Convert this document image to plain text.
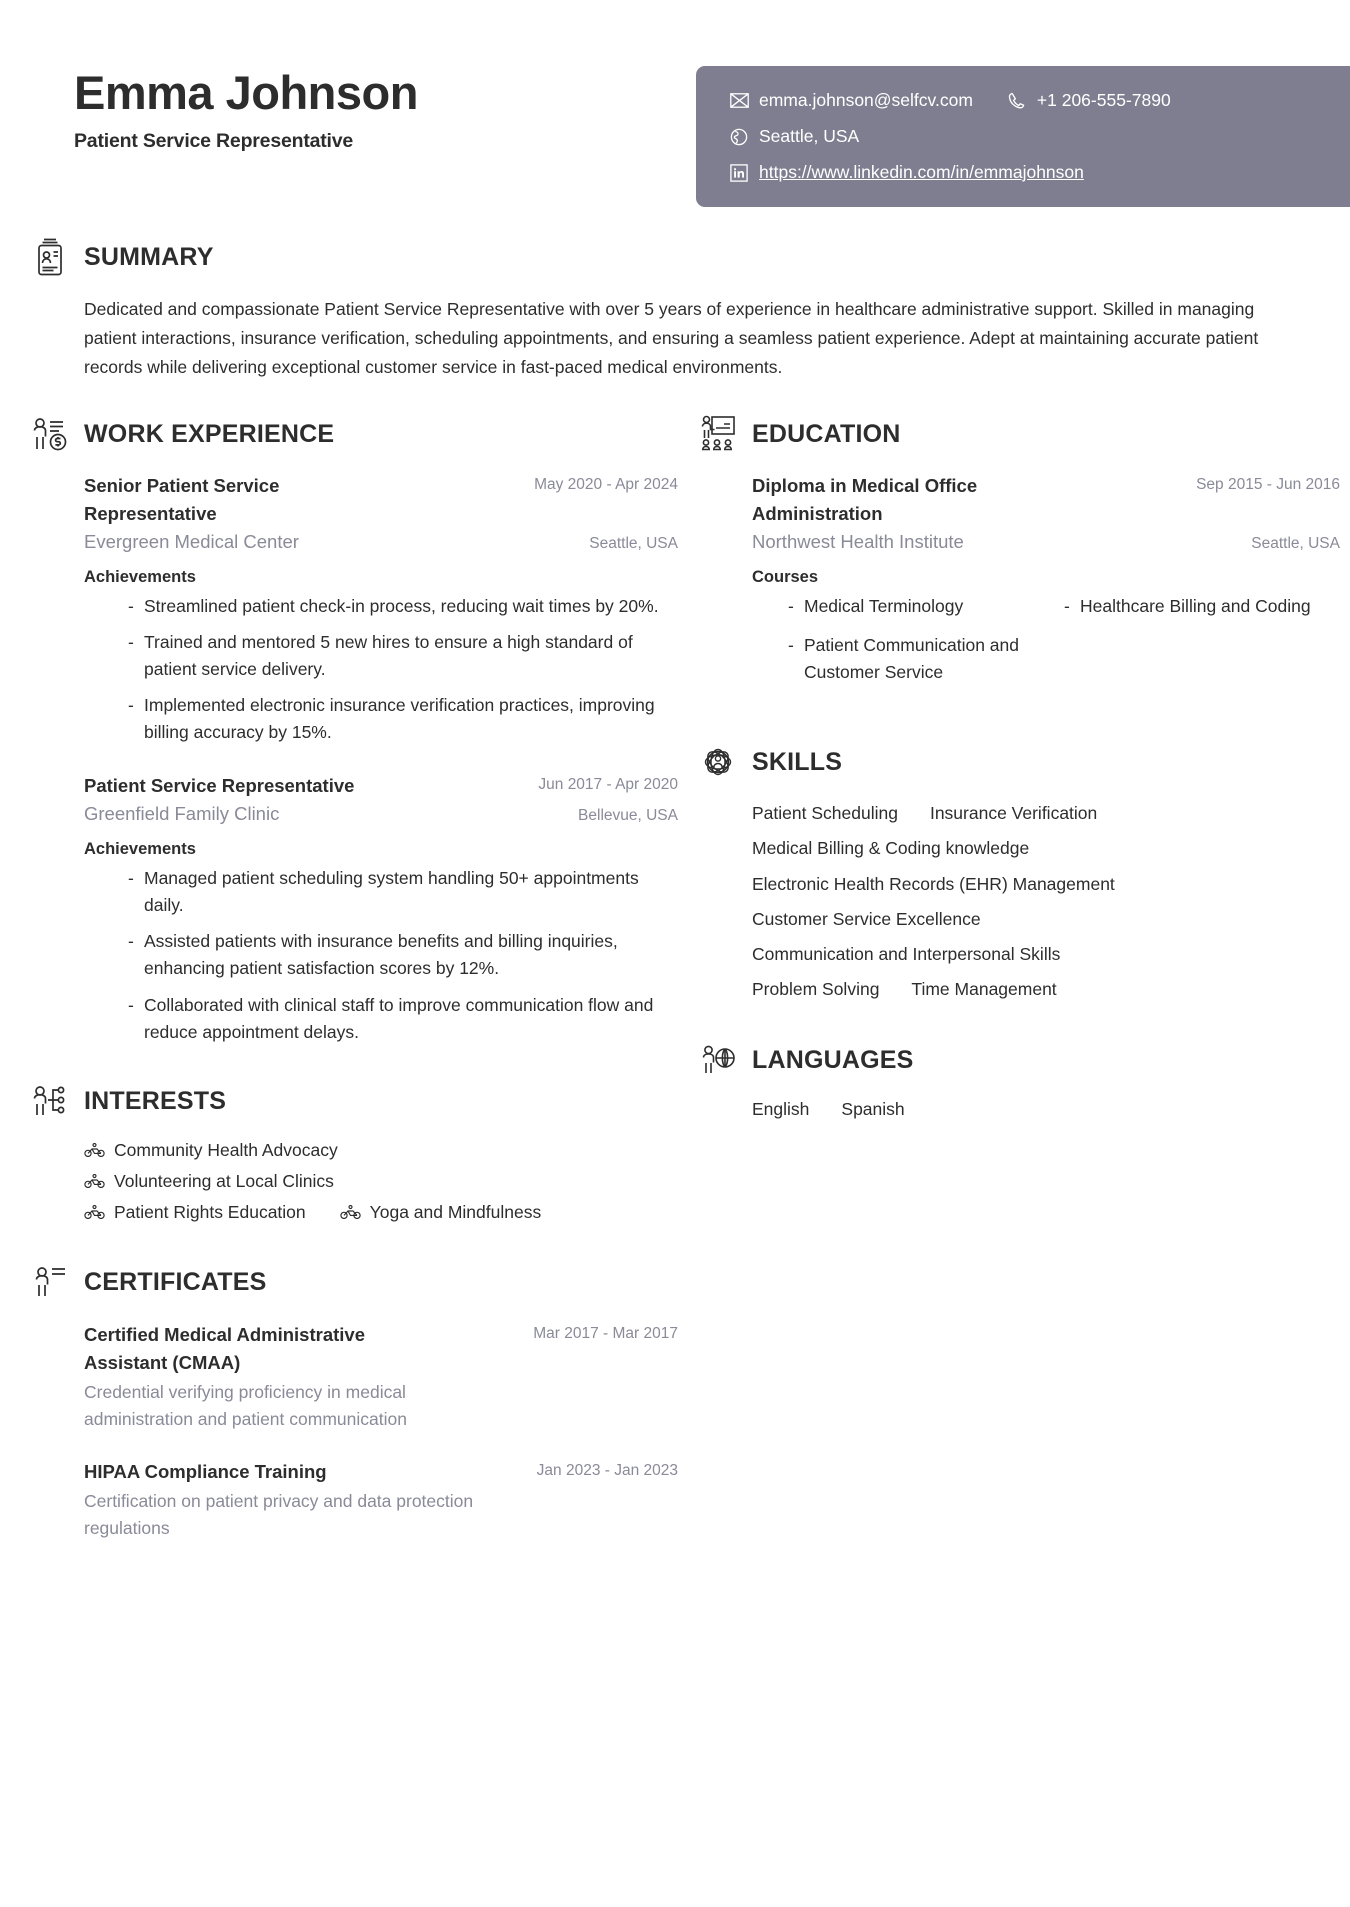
Emma Johnson
Patient Service Representative
emma.johnson@selfcv.com	+1 206-555-7890
Seattle, USA
https://www.linkedin.com/in/emmajohnson
SUMMARY
Dedicated and compassionate Patient Service Representative with over 5 years of experience in healthcare administrative support. Skilled in managing patient interactions, insurance verification, scheduling appointments, and ensuring a seamless patient experience. Adept at maintaining accurate patient records while delivering exceptional customer service in fast-paced medical environments.
WORK EXPERIENCE
Senior Patient Service Representative
May 2020 - Apr 2024
Evergreen Medical Center	Seattle, USA
Achievements
- Streamlined patient check-in process, reducing wait times by 20%.
- Trained and mentored 5 new hires to ensure a high standard of patient service delivery.
- Implemented electronic insurance verification practices, improving billing accuracy by 15%.
Patient Service Representative	Jun 2017 - Apr 2020
Greenfield Family Clinic	Bellevue, USA
Achievements
- Managed patient scheduling system handling 50+ appointments daily.
- Assisted patients with insurance benefits and billing inquiries, enhancing patient satisfaction scores by 12%.
- Collaborated with clinical staff to improve communication flow and reduce appointment delays.
INTERESTS
Community Health Advocacy
Volunteering at Local Clinics
Patient Rights Education	Yoga and Mindfulness
CERTIFICATES
Certified Medical Administrative Assistant (CMAA)
Mar 2017 - Mar 2017
Credential verifying proficiency in medical administration and patient communication
HIPAA Compliance Training	Jan 2023 - Jan 2023
Certification on patient privacy and data protection regulations
EDUCATION
Diploma in Medical Office Administration
Sep 2015 - Jun 2016
Northwest Health Institute	Seattle, USA
Courses
- Medical Terminology	- Healthcare Billing and Coding
- Patient Communication and Customer Service
SKILLS
Patient Scheduling Insurance Verification
Medical Billing & Coding knowledge
Electronic Health Records (EHR) Management
Customer Service Excellence
Communication and Interpersonal Skills
Problem Solving Time Management
LANGUAGES
English Spanish
